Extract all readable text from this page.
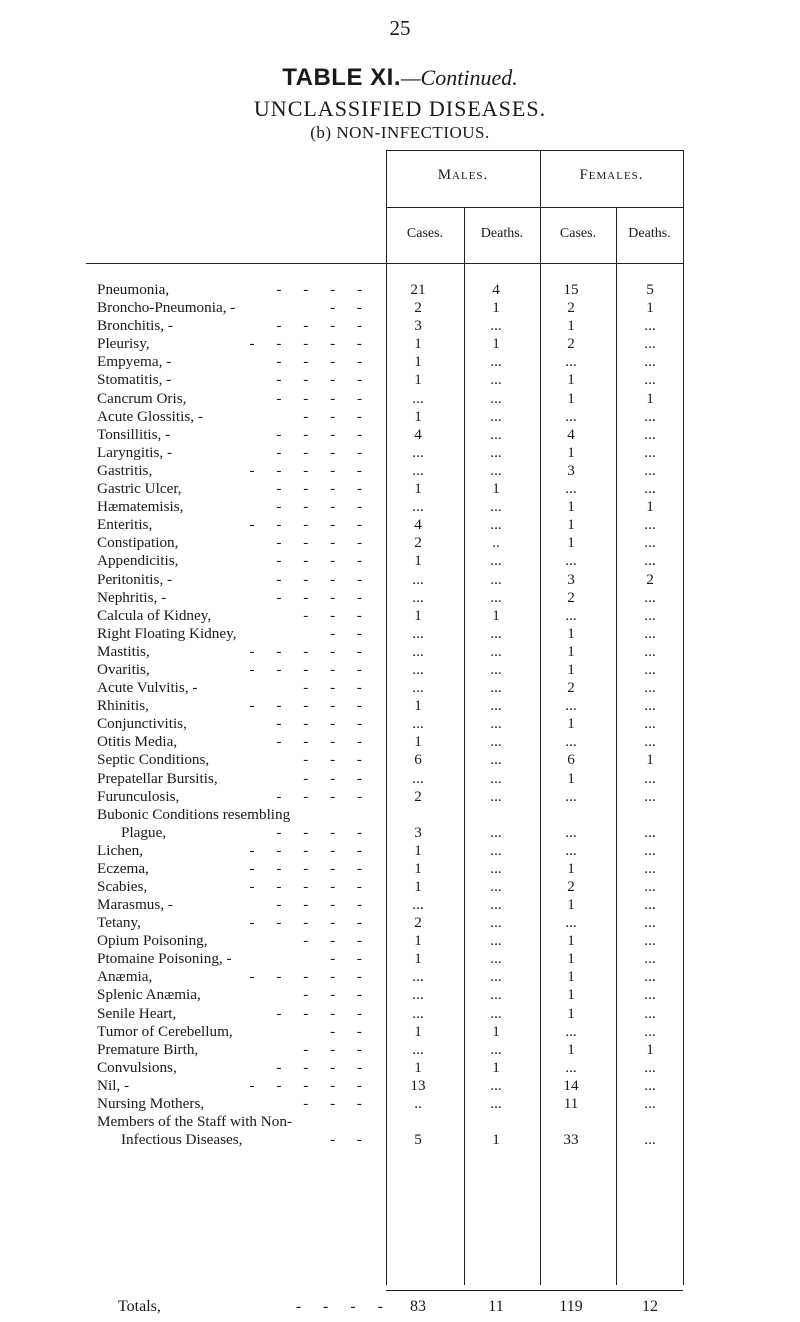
25
TABLE XI.—Continued.
UNCLASSIFIED DISEASES.
(b) NON-INFECTIOUS.
Males.	Females.
Cases.	Deaths.	Cases.	Deaths.
Pneumonia,	- - - -	21	4	15	5
Broncho-Pneumonia, -	- -	2	1	2	1
Bronchitis, -	- - - -	3	...	1	...
Pleurisy,	- - - - -	1	1	2	...
Empyema, -	- - - -	1	...	...	...
Stomatitis, -	- - - -	1	...	1	...
Cancrum Oris,	- - - -	...	...	1	1
Acute Glossitis, -	- - -	1	...	...	...
Tonsillitis, -	- - - -	4	...	4	...
Laryngitis, -	- - - -	...	...	1	...
Gastritis,	- - - - -	...	...	3	...
Gastric Ulcer,	- - - -	1	1	...	...
Hæmatemisis,	- - - -	...	...	1	1
Enteritis,	- - - - -	4	...	1	...
Constipation,	- - - -	2	..	1	...
Appendicitis,	- - - -	1	...	...	...
Peritonitis, -	- - - -	...	...	3	2
Nephritis, -	- - - -	...	...	2	...
Calcula of Kidney,	- - -	1	1	...	...
Right Floating Kidney,	- -	...	...	1	...
Mastitis,	- - - - -	...	...	1	...
Ovaritis,	- - - - -	...	...	1	...
Acute Vulvitis, -	- - -	...	...	2	...
Rhinitis,	- - - - -	1	...	...	...
Conjunctivitis,	- - - -	...	...	1	...
Otitis Media,	- - - -	1	...	...	...
Septic Conditions,	- - -	6	...	6	1
Prepatellar Bursitis,	- - -	...	...	1	...
Furunculosis,	- - - -	2	...	...	...
Bubonic Conditions resembling
Plague,	- - - -	3	...	...	...
Lichen,	- - - - -	1	...	...	...
Eczema,	- - - - -	1	...	1	...
Scabies,	- - - - -	1	...	2	...
Marasmus, -	- - - -	...	...	1	...
Tetany,	- - - - -	2	...	...	...
Opium Poisoning,	- - -	1	...	1	...
Ptomaine Poisoning, -	- -	1	...	1	...
Anæmia,	- - - - -	...	...	1	...
Splenic Anæmia,	- - -	...	...	1	...
Senile Heart,	- - - -	...	...	1	...
Tumor of Cerebellum,	- -	1	1	...	...
Premature Birth,	- - -	...	...	1	1
Convulsions,	- - - -	1	1	...	...
Nil, -	- - - - -	13	...	14	...
Nursing Mothers,	- - -	..	...	11	...
Members of the Staff with Non-
Infectious Diseases,	- -	5	1	33	...
Totals,	- - - -	83	11	119	12
